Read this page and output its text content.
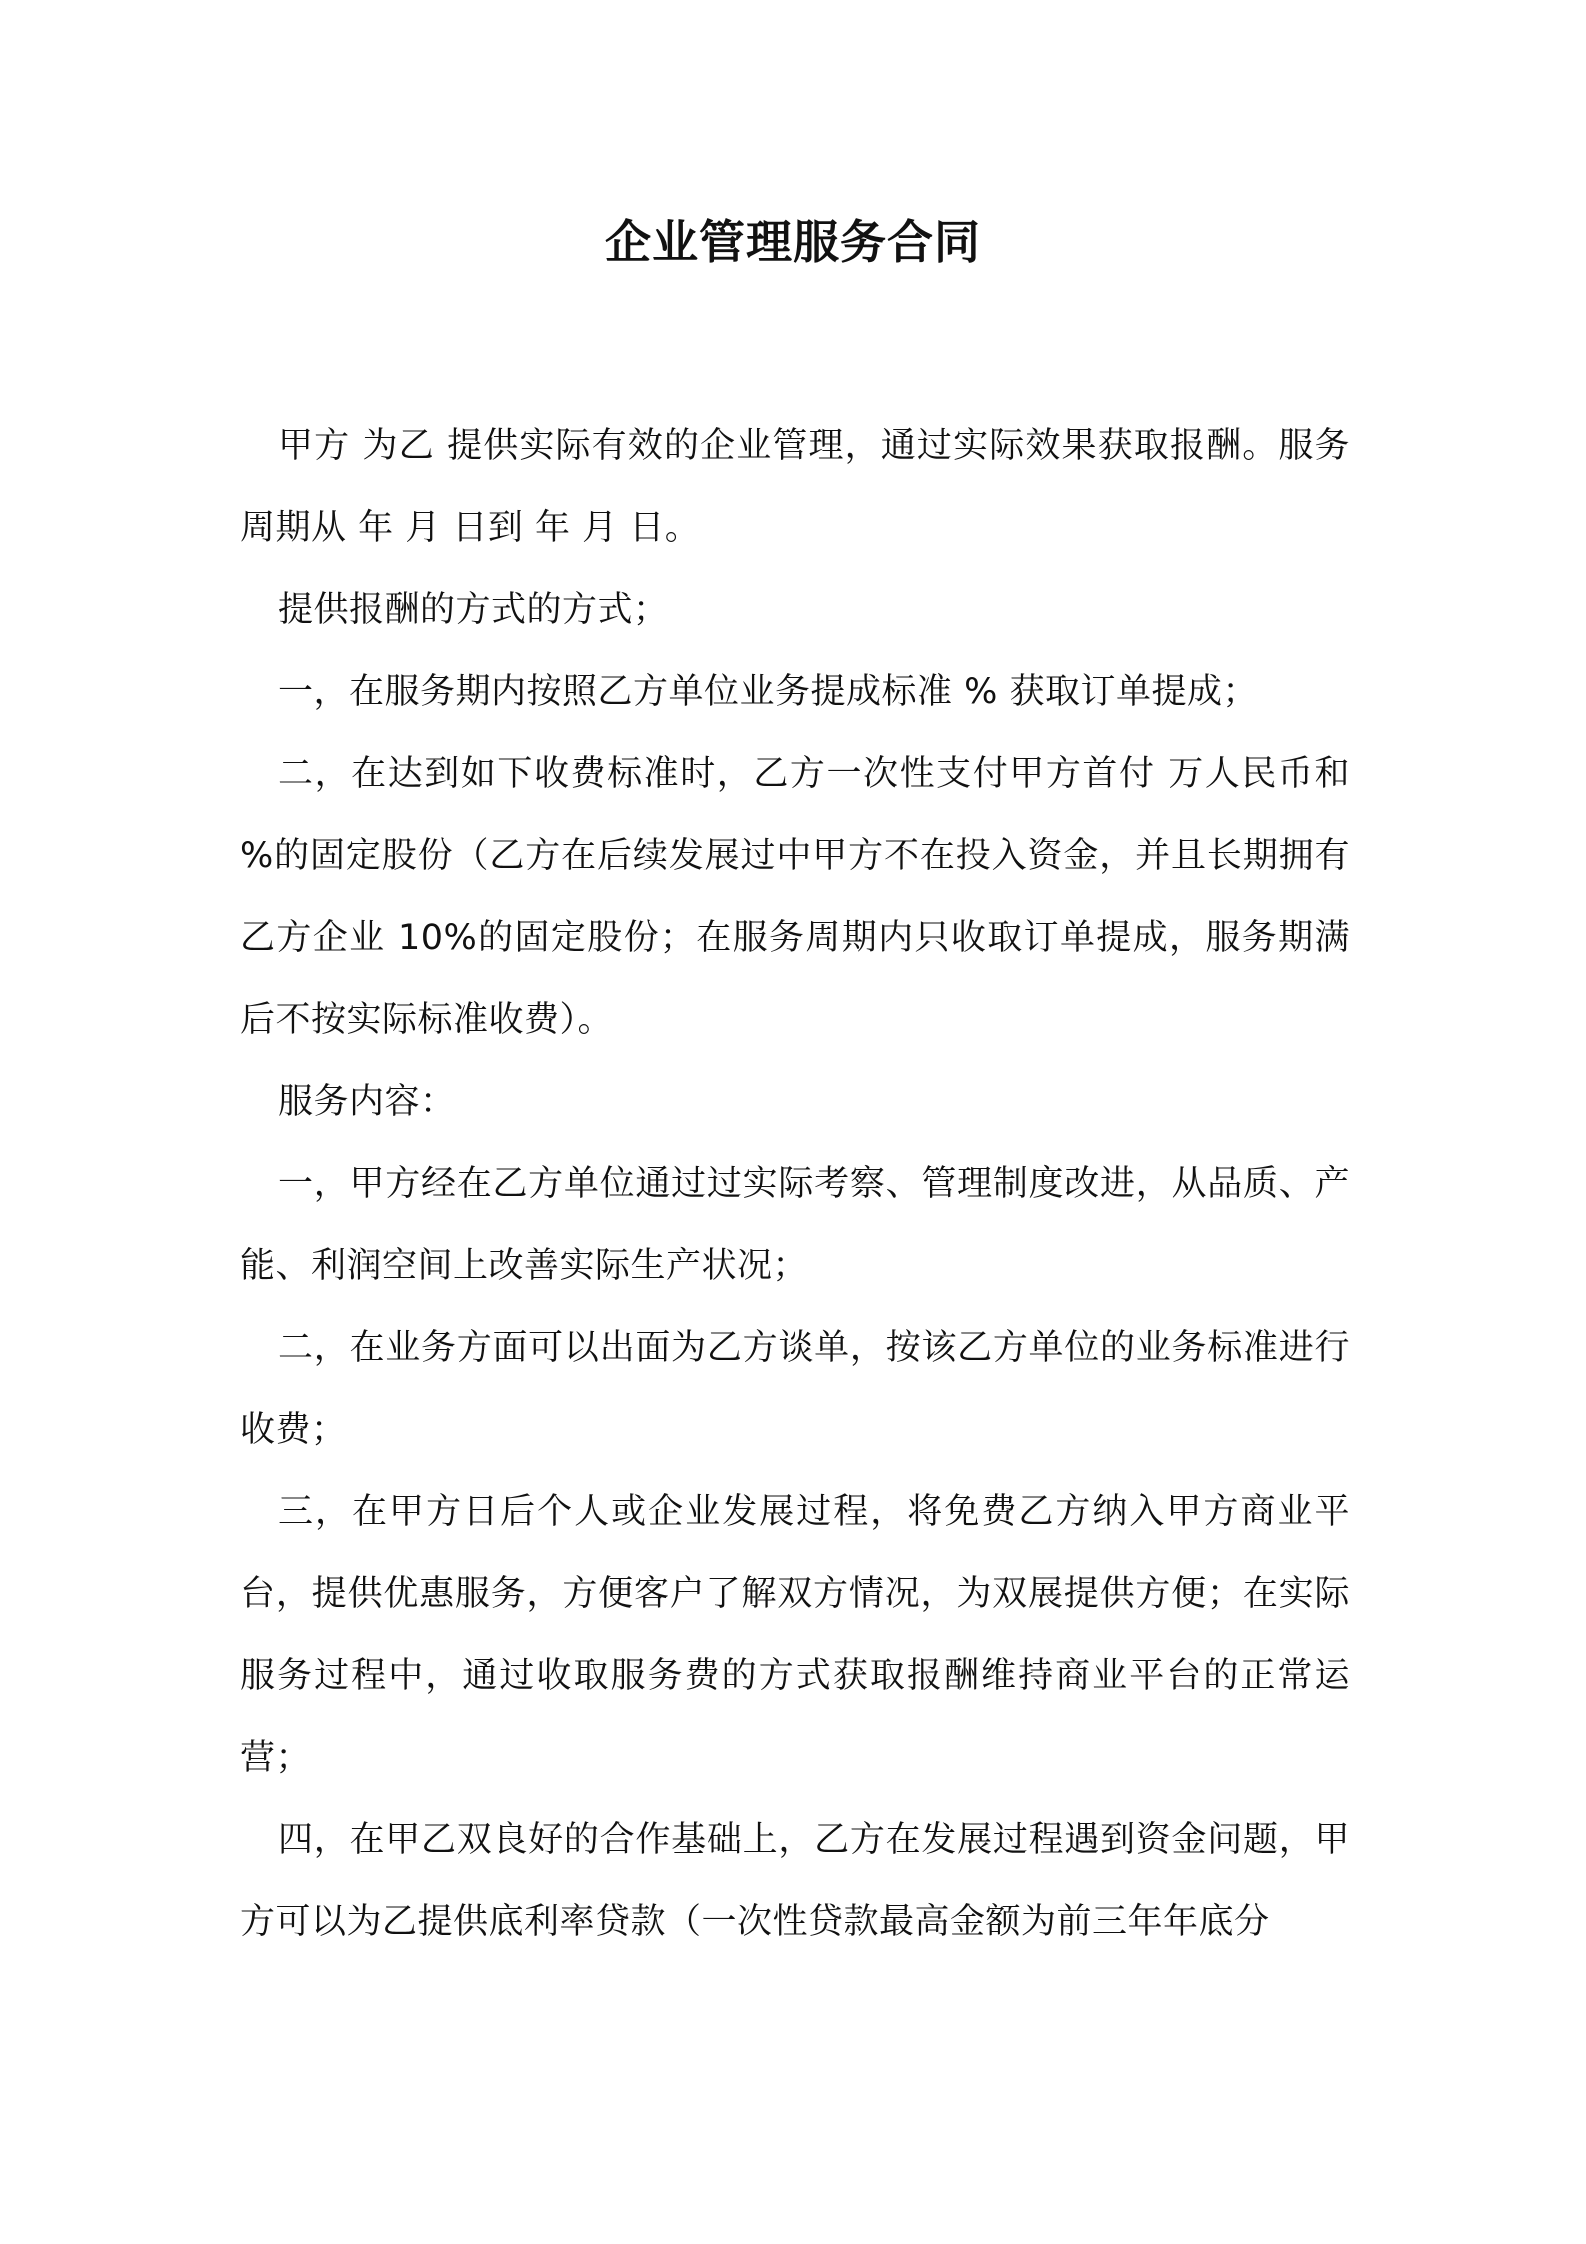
企业管理服务合同

甲方 为乙 提供实际有效的企业管理，通过实际效果获取报酬。服务周期从 年 月 日到 年 月 日。

提供报酬的方式的方式；

一，在服务期内按照乙方单位业务提成标准 % 获取订单提成；

二，在达到如下收费标准时，乙方一次性支付甲方首付 万人民币和 %的固定股份（乙方在后续发展过中甲方不在投入资金，并且长期拥有乙方企业 10%的固定股份；在服务周期内只收取订单提成，服务期满后不按实际标准收费）。

服务内容：

一，甲方经在乙方单位通过过实际考察、管理制度改进，从品质、产能、利润空间上改善实际生产状况；

二，在业务方面可以出面为乙方谈单，按该乙方单位的业务标准进行收费；

三，在甲方日后个人或企业发展过程，将免费乙方纳入甲方商业平台，提供优惠服务，方便客户了解双方情况，为双展提供方便；在实际服务过程中，通过收取服务费的方式获取报酬维持商业平台的正常运营；

四，在甲乙双良好的合作基础上，乙方在发展过程遇到资金问题，甲方可以为乙提供底利率贷款（一次性贷款最高金额为前三年年底分
